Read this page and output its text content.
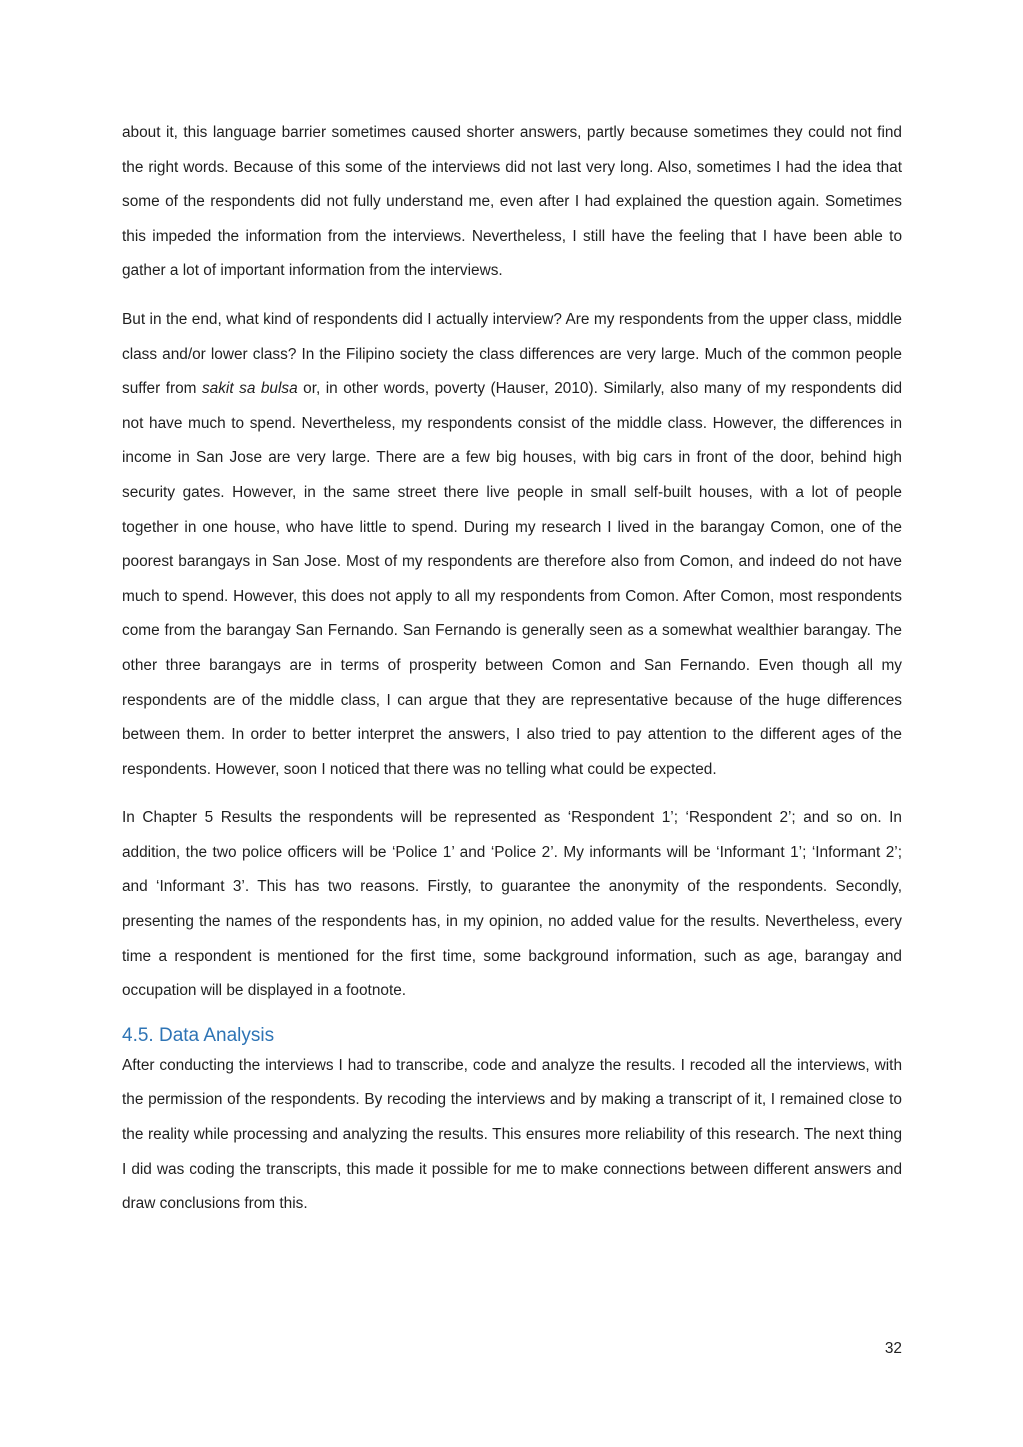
about it, this language barrier sometimes caused shorter answers, partly because sometimes they could not find the right words. Because of this some of the interviews did not last very long. Also, sometimes I had the idea that some of the respondents did not fully understand me, even after I had explained the question again. Sometimes this impeded the information from the interviews. Nevertheless, I still have the feeling that I have been able to gather a lot of important information from the interviews.

But in the end, what kind of respondents did I actually interview? Are my respondents from the upper class, middle class and/or lower class? In the Filipino society the class differences are very large. Much of the common people suffer from sakit sa bulsa or, in other words, poverty (Hauser, 2010). Similarly, also many of my respondents did not have much to spend. Nevertheless, my respondents consist of the middle class. However, the differences in income in San Jose are very large. There are a few big houses, with big cars in front of the door, behind high security gates. However, in the same street there live people in small self-built houses, with a lot of people together in one house, who have little to spend. During my research I lived in the barangay Comon, one of the poorest barangays in San Jose. Most of my respondents are therefore also from Comon, and indeed do not have much to spend. However, this does not apply to all my respondents from Comon. After Comon, most respondents come from the barangay San Fernando. San Fernando is generally seen as a somewhat wealthier barangay. The other three barangays are in terms of prosperity between Comon and San Fernando. Even though all my respondents are of the middle class, I can argue that they are representative because of the huge differences between them. In order to better interpret the answers, I also tried to pay attention to the different ages of the respondents. However, soon I noticed that there was no telling what could be expected.

In Chapter 5 Results the respondents will be represented as ‘Respondent 1’; ‘Respondent 2’; and so on. In addition, the two police officers will be ‘Police 1’ and ‘Police 2’. My informants will be ‘Informant 1’; ‘Informant 2’; and ‘Informant 3’. This has two reasons. Firstly, to guarantee the anonymity of the respondents. Secondly, presenting the names of the respondents has, in my opinion, no added value for the results. Nevertheless, every time a respondent is mentioned for the first time, some background information, such as age, barangay and occupation will be displayed in a footnote.

4.5. Data Analysis

After conducting the interviews I had to transcribe, code and analyze the results. I recoded all the interviews, with the permission of the respondents. By recoding the interviews and by making a transcript of it, I remained close to the reality while processing and analyzing the results. This ensures more reliability of this research. The next thing I did was coding the transcripts, this made it possible for me to make connections between different answers and draw conclusions from this.

32
